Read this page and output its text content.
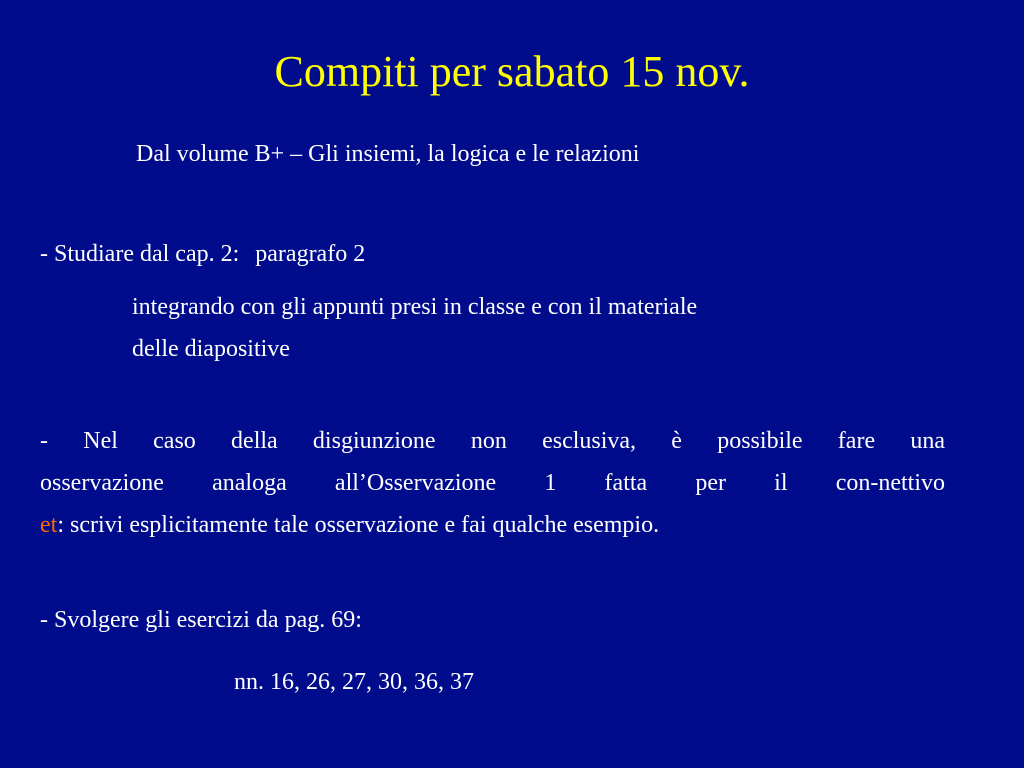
Compiti per sabato 15 nov.
Dal volume B+ – Gli insiemi, la logica e le relazioni
- Studiare dal cap. 2: paragrafo 2
integrando con gli appunti presi in classe e con il materiale
delle diapositive
- Nel caso della disgiunzione non esclusiva, è possibile fare una
osservazione analoga all’Osservazione 1 fatta per il con-nettivo
et: scrivi esplicitamente tale osservazione e fai qualche esempio.
- Svolgere gli esercizi da pag. 69:
nn. 16, 26, 27, 30, 36, 37
